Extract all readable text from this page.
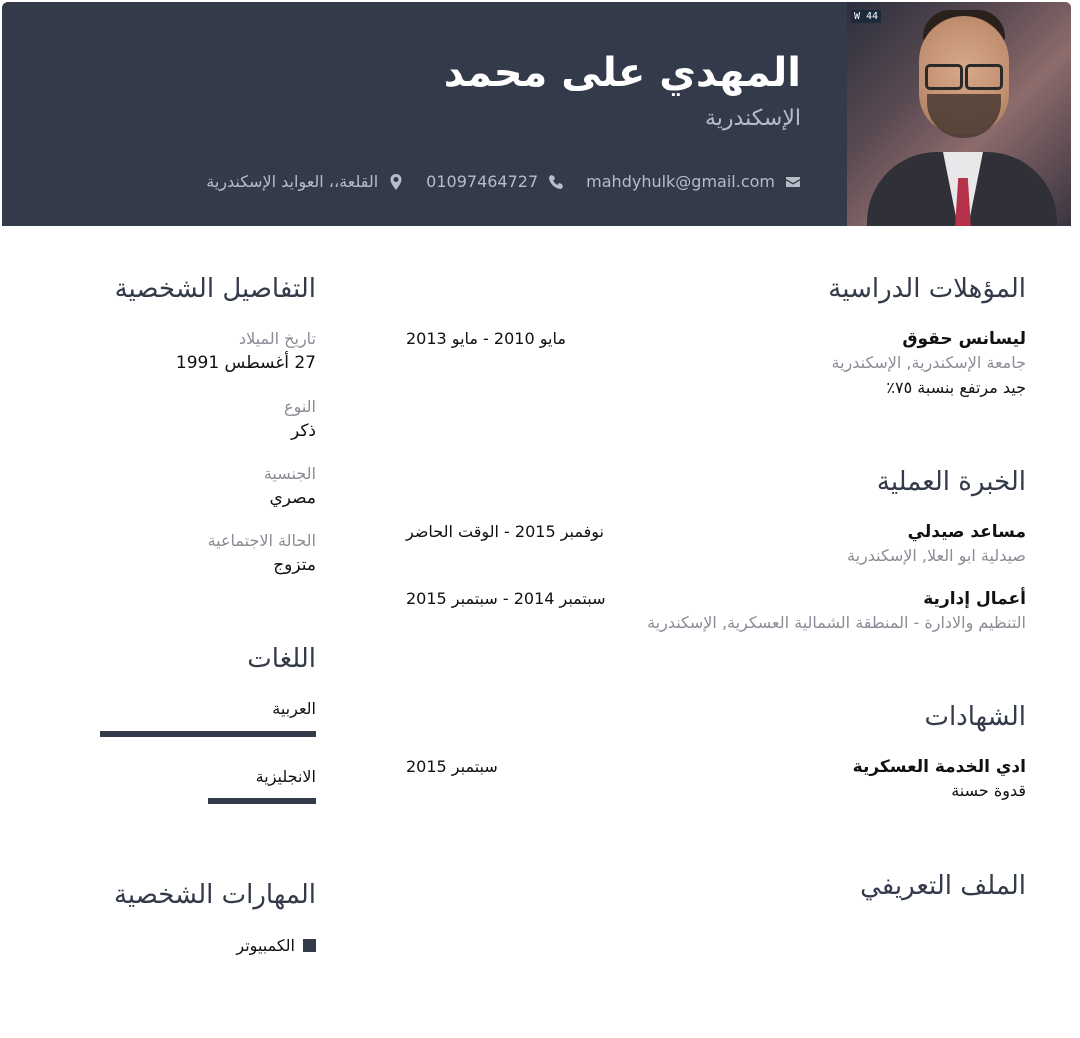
المهدي على محمد
الإسكندرية
mahdyhulk@gmail.com
01097464727
القلعة،، العوايد الإسكندرية
W 44
المؤهلات الدراسية
ليسانس حقوق
جامعة الإسكندرية, الإسكندرية
جيد مرتفع بنسبة ٧٥٪
مايو 2010 - مايو 2013
الخبرة العملية
مساعد صيدلي
صيدلية ابو العلا, الإسكندرية
نوفمبر 2015 - الوقت الحاضر
أعمال إدارية
التنظيم والادارة - المنطقة الشمالية العسكرية, الإسكندرية
سبتمبر 2014 - سبتمبر 2015
الشهادات
ادي الخدمة العسكرية
قدوة حسنة
سبتمبر 2015
الملف التعريفي
التفاصيل الشخصية
تاريخ الميلاد
27 أغسطس 1991
النوع
ذكر
الجنسية
مصري
الحالة الاجتماعية
متزوج
اللغات
العربية
الانجليزية
المهارات الشخصية
الكمبيوتر
